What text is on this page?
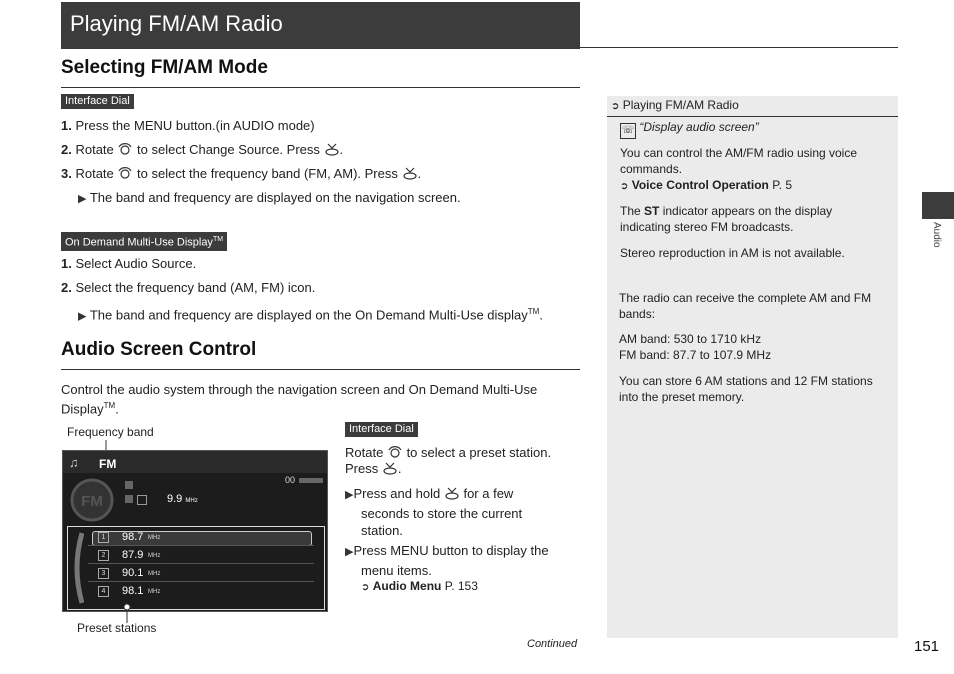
Playing FM/AM Radio
Selecting FM/AM Mode
Interface Dial
1. Press the MENU button.(in AUDIO mode)
2. Rotate to select Change Source. Press .
3. Rotate to select the frequency band (FM, AM). Press .
▶ The band and frequency are displayed on the navigation screen.
On Demand Multi-Use Display™
1. Select Audio Source.
2. Select the frequency band (AM, FM) icon.
▶ The band and frequency are displayed on the On Demand Multi-Use display™.
Audio Screen Control
Control the audio system through the navigation screen and On Demand Multi-Use
Display™.
Frequency band
♫ FM
00
FM	9.9 MHz
1	98.7 MHz
2	87.9 MHz
3	90.1 MHz
4	98.1 MHz
Preset stations
Interface Dial
Rotate to select a preset station.
Press .
▶Press and hold for a few
seconds to store the current
station.
▶Press MENU button to display the
menu items.
➲ Audio Menu P. 153
➲ Playing FM/AM Radio
☏ “Display audio screen”
You can control the AM/FM radio using voice commands.
➲ Voice Control Operation P. 5
The ST indicator appears on the display indicating stereo FM broadcasts.
Stereo reproduction in AM is not available.
The radio can receive the complete AM and FM bands:
AM band: 530 to 1710 kHz
FM band: 87.7 to 107.9 MHz
You can store 6 AM stations and 12 FM stations into the preset memory.
Audio
Continued	151
